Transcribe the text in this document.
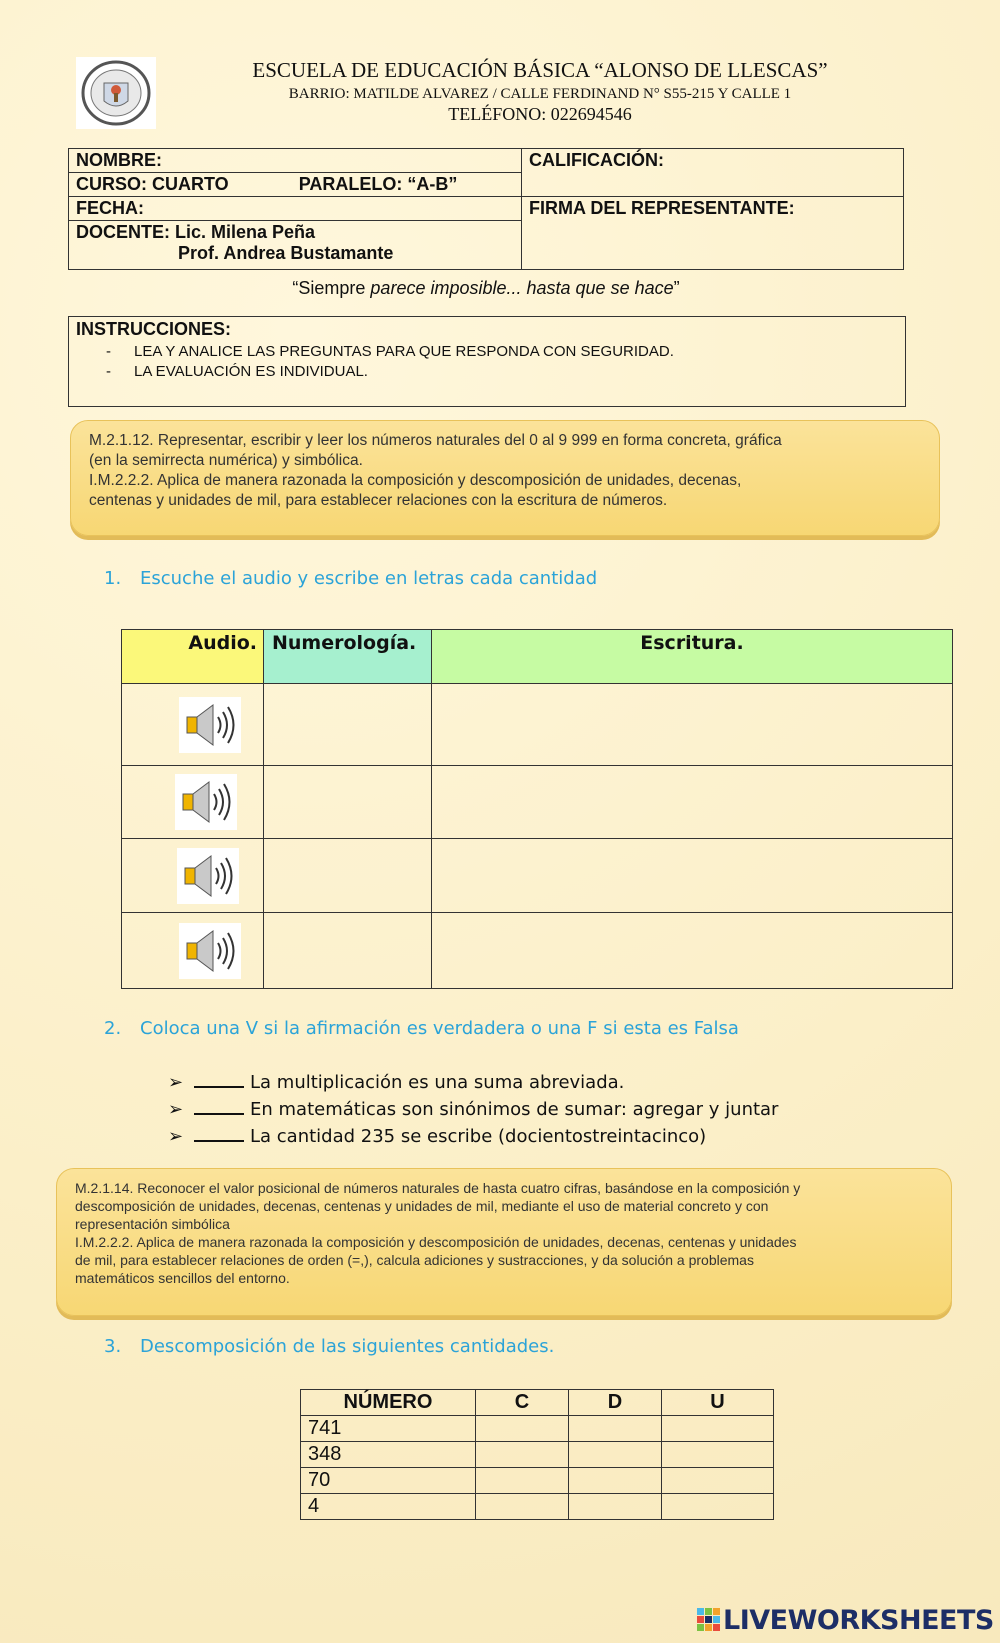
ESCUELA DE EDUCACIÓN BÁSICA “ALONSO DE LLESCAS”
BARRIO: MATILDE ALVAREZ / CALLE FERDINAND N° S55-215 Y CALLE 1
TELÉFONO: 022694546
NOMBRE:	CALIFICACIÓN:
CURSO: CUARTO PARALELO: “A-B”	
FECHA:	FIRMA DEL REPRESENTANTE:

DOCENTE: Lic. Milena Peña
Prof. Andrea Bustamante	
“Siempre parece imposible... hasta que se hace”
INSTRUCCIONES:
- LEA Y ANALICE LAS PREGUNTAS PARA QUE RESPONDA CON SEGURIDAD.
- LA EVALUACIÓN ES INDIVIDUAL.
M.2.1.12. Representar, escribir y leer los números naturales del 0 al 9 999 en forma concreta, gráfica
(en la semirrecta numérica) y simbólica.
I.M.2.2.2. Aplica de manera razonada la composición y descomposición de unidades, decenas,
centenas y unidades de mil, para establecer relaciones con la escritura de números.
1. Escuche el audio y escribe en letras cada cantidad
Audio.	Numerología.	Escritura.

2. Coloca una V si la afirmación es verdadera o una F si esta es Falsa
➢	La multiplicación es una suma abreviada.
➢	En matemáticas son sinónimos de sumar: agregar y juntar
➢	La cantidad 235 se escribe (docientostreintacinco)
M.2.1.14. Reconocer el valor posicional de números naturales de hasta cuatro cifras, basándose en la composición y
descomposición de unidades, decenas, centenas y unidades de mil, mediante el uso de material concreto y con
representación simbólica
I.M.2.2.2. Aplica de manera razonada la composición y descomposición de unidades, decenas, centenas y unidades
de mil, para establecer relaciones de orden (=,), calcula adiciones y sustracciones, y da solución a problemas
matemáticos sencillos del entorno.
3. Descomposición de las siguientes cantidades.
NÚMERO	C	D	U
741			
348			
70			
4			
LIVEWORKSHEETS
